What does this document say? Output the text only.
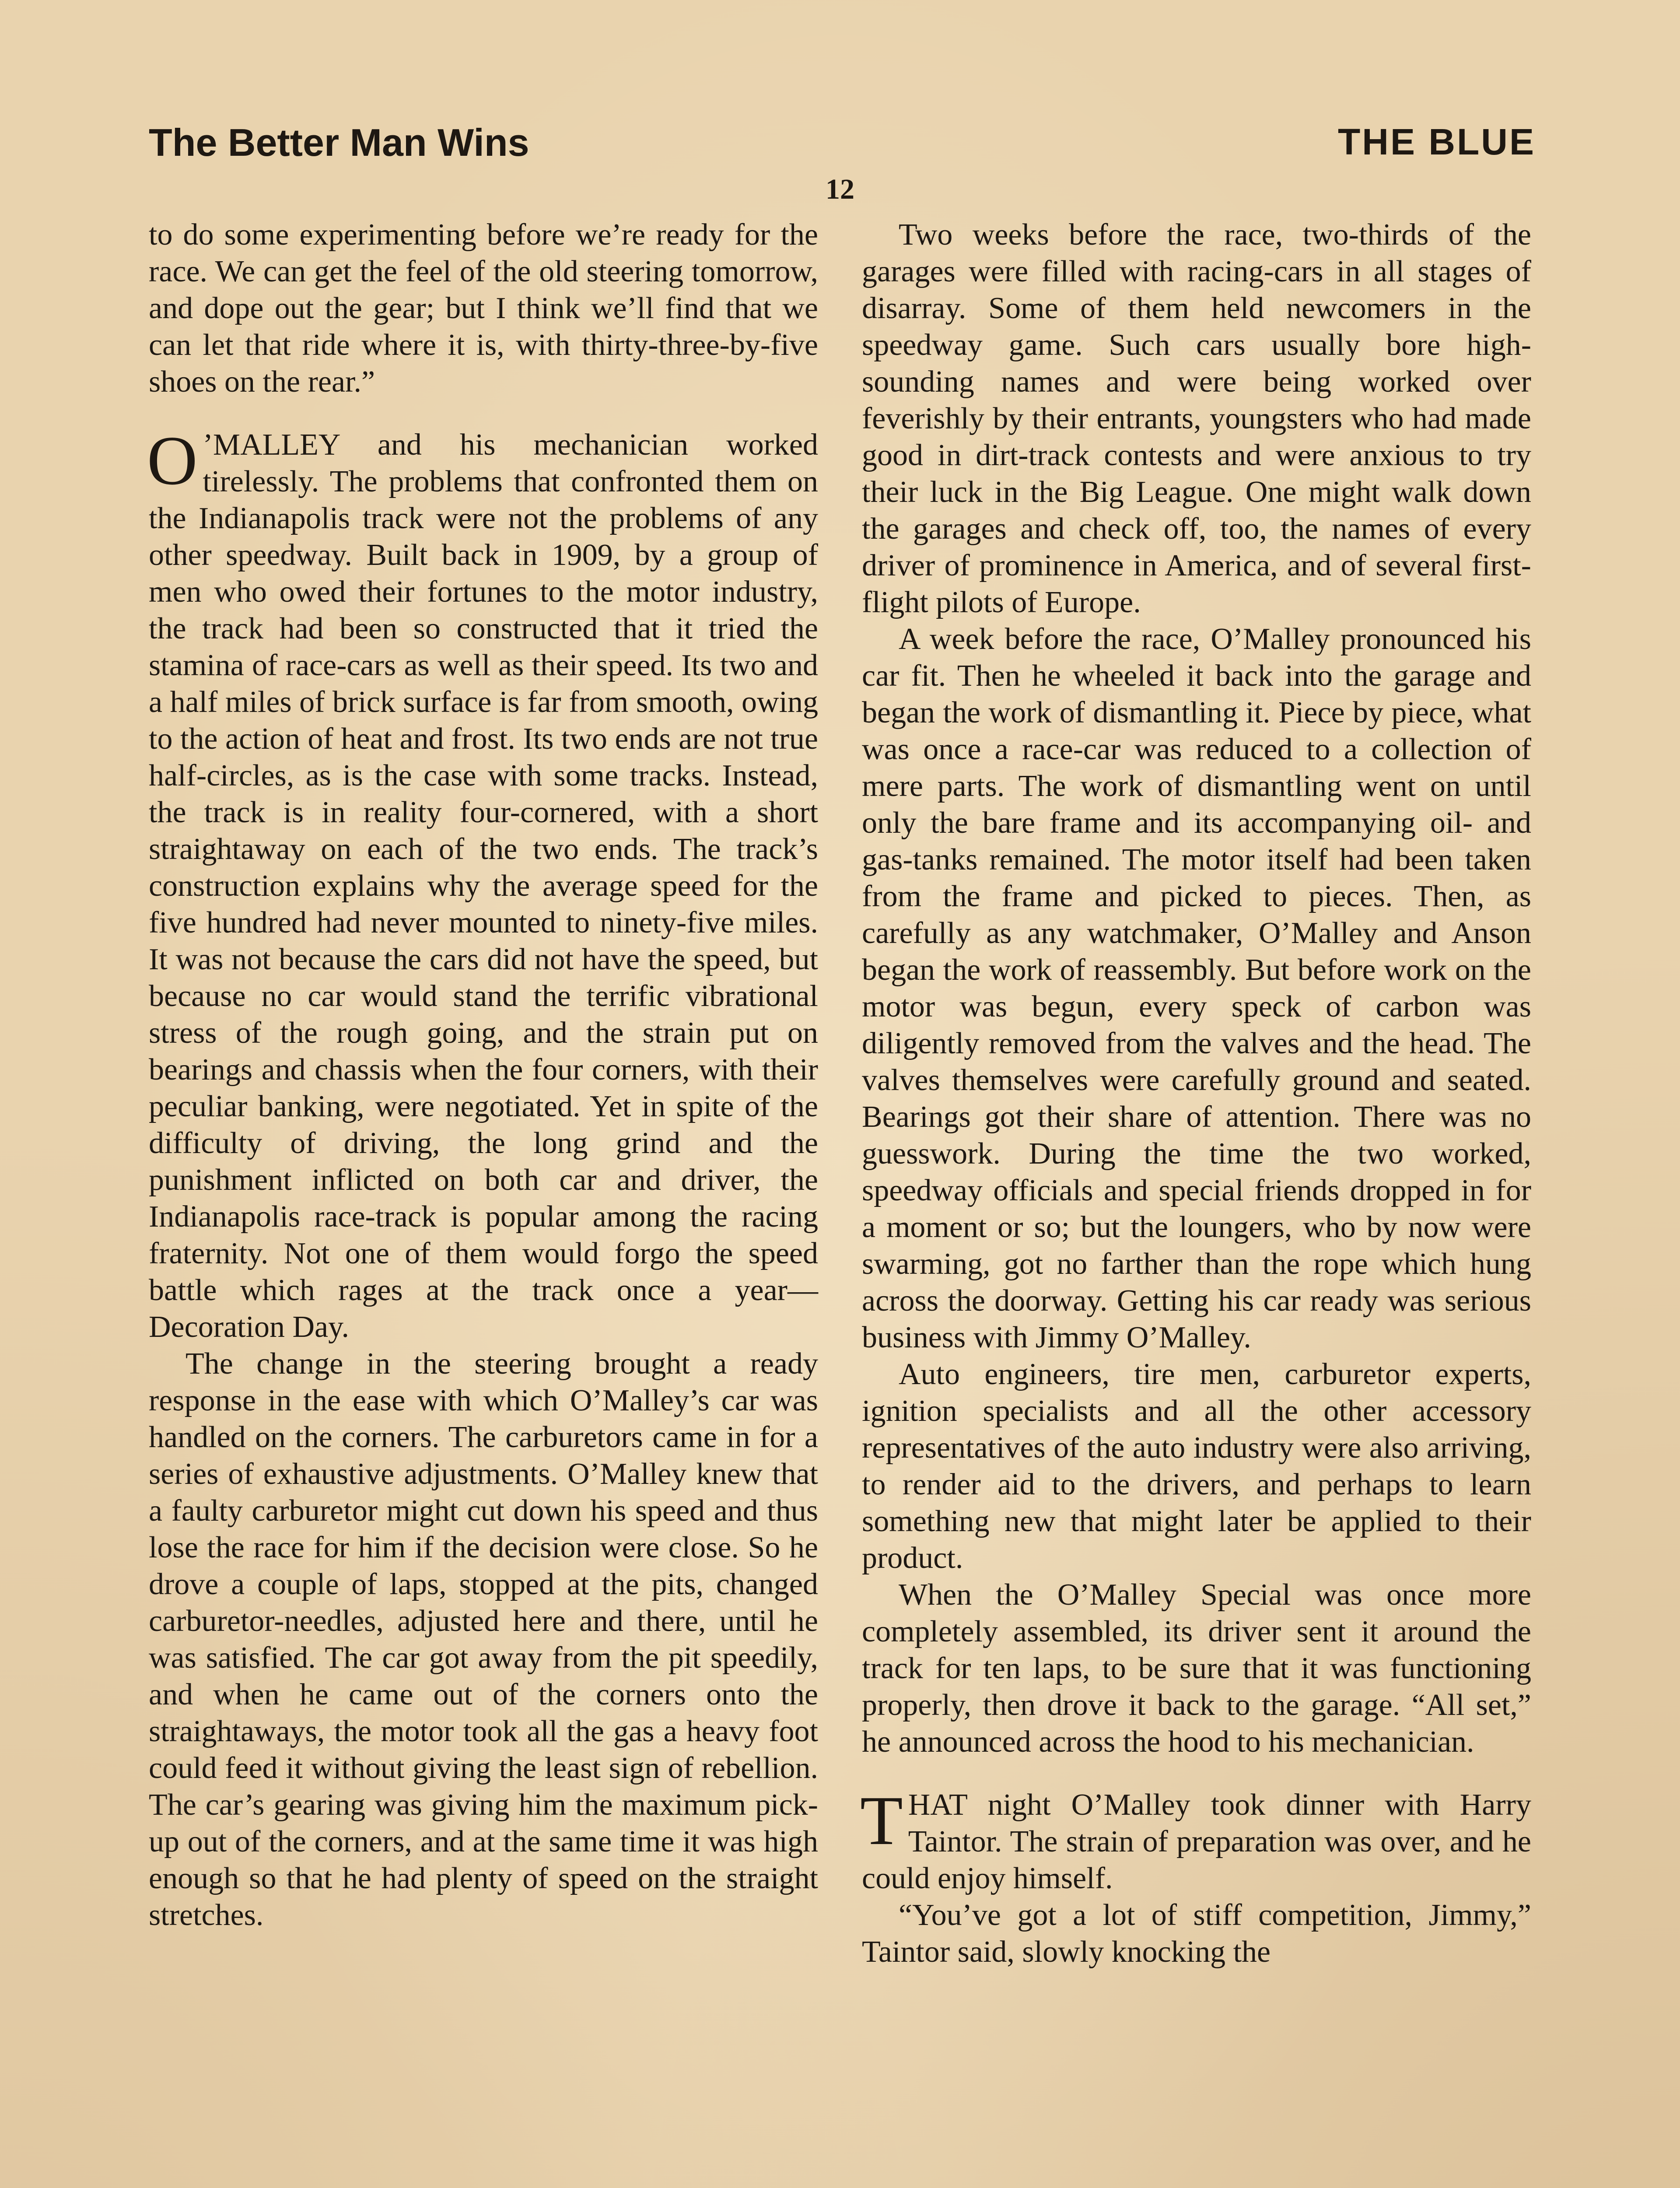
The Better Man Wins	THE BLUE
12

to do some experimenting before we’re ready for the race. We can get the feel of the old steering tomorrow, and dope out the gear; but I think we’ll find that we can let that ride where it is, with thirty-three-by-five shoes on the rear.”

O ’MALLEY and his mechanician worked tirelessly. The problems that confronted them on the Indianapolis track were not the problems of any other speedway. Built back in 1909, by a group of men who owed their fortunes to the motor industry, the track had been so constructed that it tried the stamina of race-cars as well as their speed. Its two and a half miles of brick surface is far from smooth, owing to the action of heat and frost. Its two ends are not true half-circles, as is the case with some tracks. Instead, the track is in reality four-cornered, with a short straightaway on each of the two ends. The track’s construction explains why the average speed for the five hundred had never mounted to ninety-five miles. It was not because the cars did not have the speed, but because no car would stand the terrific vibrational stress of the rough going, and the strain put on bearings and chassis when the four corners, with their peculiar banking, were negotiated. Yet in spite of the difficulty of driving, the long grind and the punishment inflicted on both car and driver, the Indianapolis race-track is popular among the racing fraternity. Not one of them would forgo the speed battle which rages at the track once a year—Decoration Day.

The change in the steering brought a ready response in the ease with which O’Malley’s car was handled on the corners. The carburetors came in for a series of exhaustive adjustments. O’Malley knew that a faulty carburetor might cut down his speed and thus lose the race for him if the decision were close. So he drove a couple of laps, stopped at the pits, changed carburetor-needles, adjusted here and there, until he was satisfied. The car got away from the pit speedily, and when he came out of the corners onto the straightaways, the motor took all the gas a heavy foot could feed it without giving the least sign of rebellion. The car’s gearing was giving him the maximum pick-up out of the corners, and at the same time it was high enough so that he had plenty of speed on the straight stretches.

Two weeks before the race, two-thirds of the garages were filled with racing-cars in all stages of disarray. Some of them held newcomers in the speedway game. Such cars usually bore high-sounding names and were being worked over feverishly by their entrants, youngsters who had made good in dirt-track contests and were anxious to try their luck in the Big League. One might walk down the garages and check off, too, the names of every driver of prominence in America, and of several first-flight pilots of Europe.

A week before the race, O’Malley pronounced his car fit. Then he wheeled it back into the garage and began the work of dismantling it. Piece by piece, what was once a race-car was reduced to a collection of mere parts. The work of dismantling went on until only the bare frame and its accompanying oil- and gas-tanks remained. The motor itself had been taken from the frame and picked to pieces. Then, as carefully as any watchmaker, O’Malley and Anson began the work of reassembly. But before work on the motor was begun, every speck of carbon was diligently removed from the valves and the head. The valves themselves were carefully ground and seated. Bearings got their share of attention. There was no guesswork. During the time the two worked, speedway officials and special friends dropped in for a moment or so; but the loungers, who by now were swarming, got no farther than the rope which hung across the doorway. Getting his car ready was serious business with Jimmy O’Malley.

Auto engineers, tire men, carburetor experts, ignition specialists and all the other accessory representatives of the auto industry were also arriving, to render aid to the drivers, and perhaps to learn something new that might later be applied to their product.

When the O’Malley Special was once more completely assembled, its driver sent it around the track for ten laps, to be sure that it was functioning properly, then drove it back to the garage. “All set,” he announced across the hood to his mechanician.

THAT night O’Malley took dinner with Harry Taintor. The strain of preparation was over, and he could enjoy himself.

“You’ve got a lot of stiff competition, Jimmy,” Taintor said, slowly knocking the
